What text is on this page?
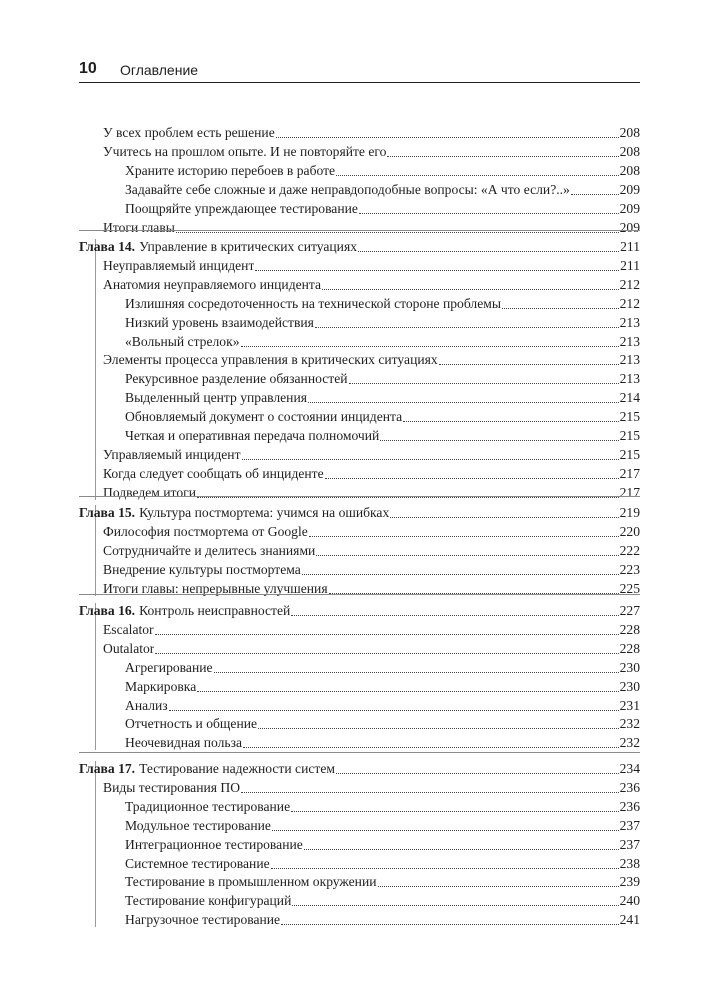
10 Оглавление
У всех проблем есть решение	208
Учитесь на прошлом опыте. И не повторяйте его	208
Храните историю перебоев в работе	208
Задавайте себе сложные и даже неправдоподобные вопросы: «А что если?..»	209
Поощряйте упреждающее тестирование	209
Итоги главы	209
Глава 14. Управление в критических ситуациях	211
Неуправляемый инцидент	211
Анатомия неуправляемого инцидента	212
Излишняя сосредоточенность на технической стороне проблемы	212
Низкий уровень взаимодействия	213
«Вольный стрелок»	213
Элементы процесса управления в критических ситуациях	213
Рекурсивное разделение обязанностей	213
Выделенный центр управления	214
Обновляемый документ о состоянии инцидента	215
Четкая и оперативная передача полномочий	215
Управляемый инцидент	215
Когда следует сообщать об инциденте	217
Подведем итоги	217
Глава 15. Культура постмортема: учимся на ошибках	219
Философия постмортема от Google	220
Сотрудничайте и делитесь знаниями	222
Внедрение культуры постмортема	223
Итоги главы: непрерывные улучшения	225
Глава 16. Контроль неисправностей	227
Escalator	228
Outalator	228
Агрегирование	230
Маркировка	230
Анализ	231
Отчетность и общение	232
Неочевидная польза	232
Глава 17. Тестирование надежности систем	234
Виды тестирования ПО	236
Традиционное тестирование	236
Модульное тестирование	237
Интеграционное тестирование	237
Системное тестирование	238
Тестирование в промышленном окружении	239
Тестирование конфигураций	240
Нагрузочное тестирование	241
